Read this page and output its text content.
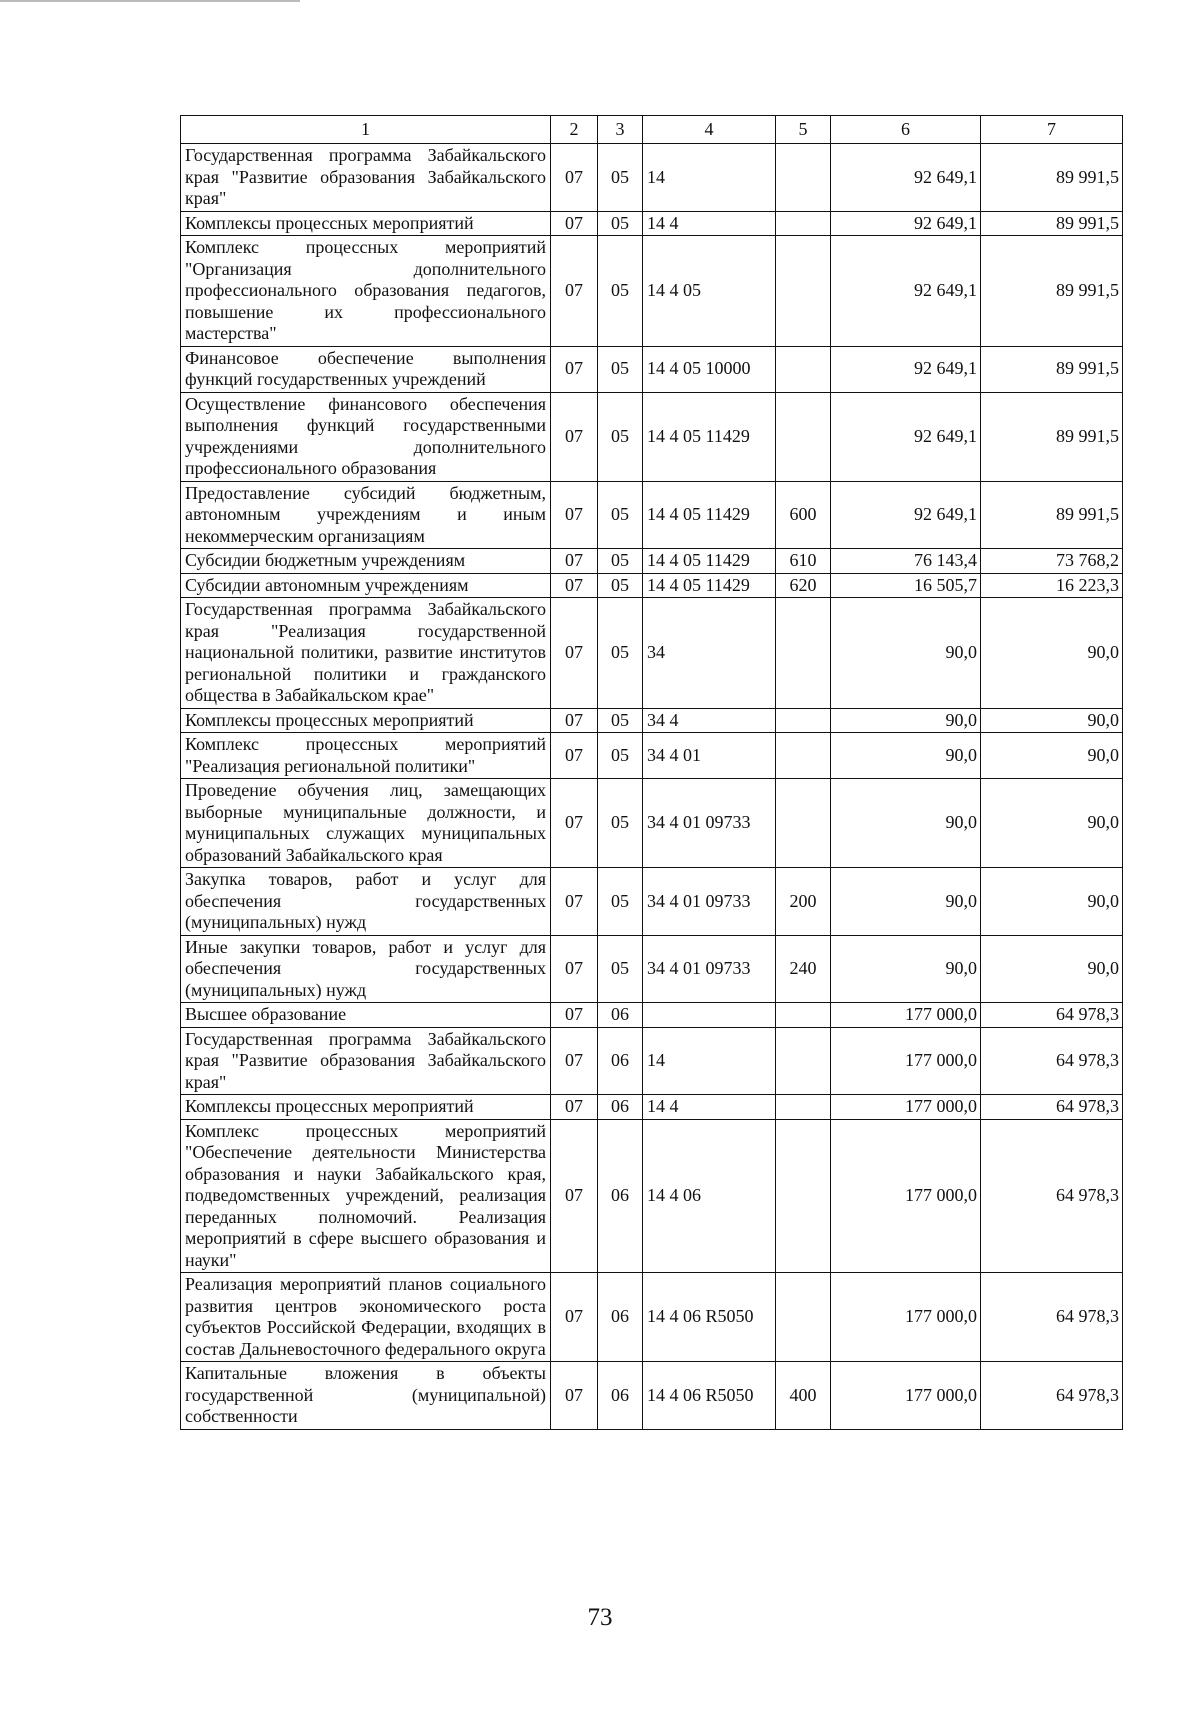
1	2	3	4	5	6	7
Государственная программа Забайкальского края "Развитие образования Забайкальского края"	07	05	14		92 649,1	89 991,5
Комплексы процессных мероприятий	07	05	14 4		92 649,1	89 991,5
Комплекс процессных мероприятий "Организация дополнительного профессионального образования педагогов, повышение их профессионального мастерства"	07	05	14 4 05		92 649,1	89 991,5
Финансовое обеспечение выполнения функций государственных учреждений	07	05	14 4 05 10000		92 649,1	89 991,5
Осуществление финансового обеспечения выполнения функций государственными учреждениями дополнительного профессионального образования	07	05	14 4 05 11429		92 649,1	89 991,5
Предоставление субсидий бюджетным, автономным учреждениям и иным некоммерческим организациям	07	05	14 4 05 11429	600	92 649,1	89 991,5
Субсидии бюджетным учреждениям	07	05	14 4 05 11429	610	76 143,4	73 768,2
Субсидии автономным учреждениям	07	05	14 4 05 11429	620	16 505,7	16 223,3
Государственная программа Забайкальского края "Реализация государственной национальной политики, развитие институтов региональной политики и гражданского общества в Забайкальском крае"	07	05	34		90,0	90,0
Комплексы процессных мероприятий	07	05	34 4		90,0	90,0
Комплекс процессных мероприятий "Реализация региональной политики"	07	05	34 4 01		90,0	90,0
Проведение обучения лиц, замещающих выборные муниципальные должности, и муниципальных служащих муниципальных образований Забайкальского края	07	05	34 4 01 09733		90,0	90,0
Закупка товаров, работ и услуг для обеспечения государственных (муниципальных) нужд	07	05	34 4 01 09733	200	90,0	90,0
Иные закупки товаров, работ и услуг для обеспечения государственных (муниципальных) нужд	07	05	34 4 01 09733	240	90,0	90,0
Высшее образование	07	06			177 000,0	64 978,3
Государственная программа Забайкальского края "Развитие образования Забайкальского края"	07	06	14		177 000,0	64 978,3
Комплексы процессных мероприятий	07	06	14 4		177 000,0	64 978,3
Комплекс процессных мероприятий "Обеспечение деятельности Министерства образования и науки Забайкальского края, подведомственных учреждений, реализация переданных полномочий. Реализация мероприятий в сфере высшего образования и науки"	07	06	14 4 06		177 000,0	64 978,3
Реализация мероприятий планов социального развития центров экономического роста субъектов Российской Федерации, входящих в состав Дальневосточного федерального округа	07	06	14 4 06 R5050		177 000,0	64 978,3
Капитальные вложения в объекты государственной (муниципальной) собственности	07	06	14 4 06 R5050	400	177 000,0	64 978,3
73
